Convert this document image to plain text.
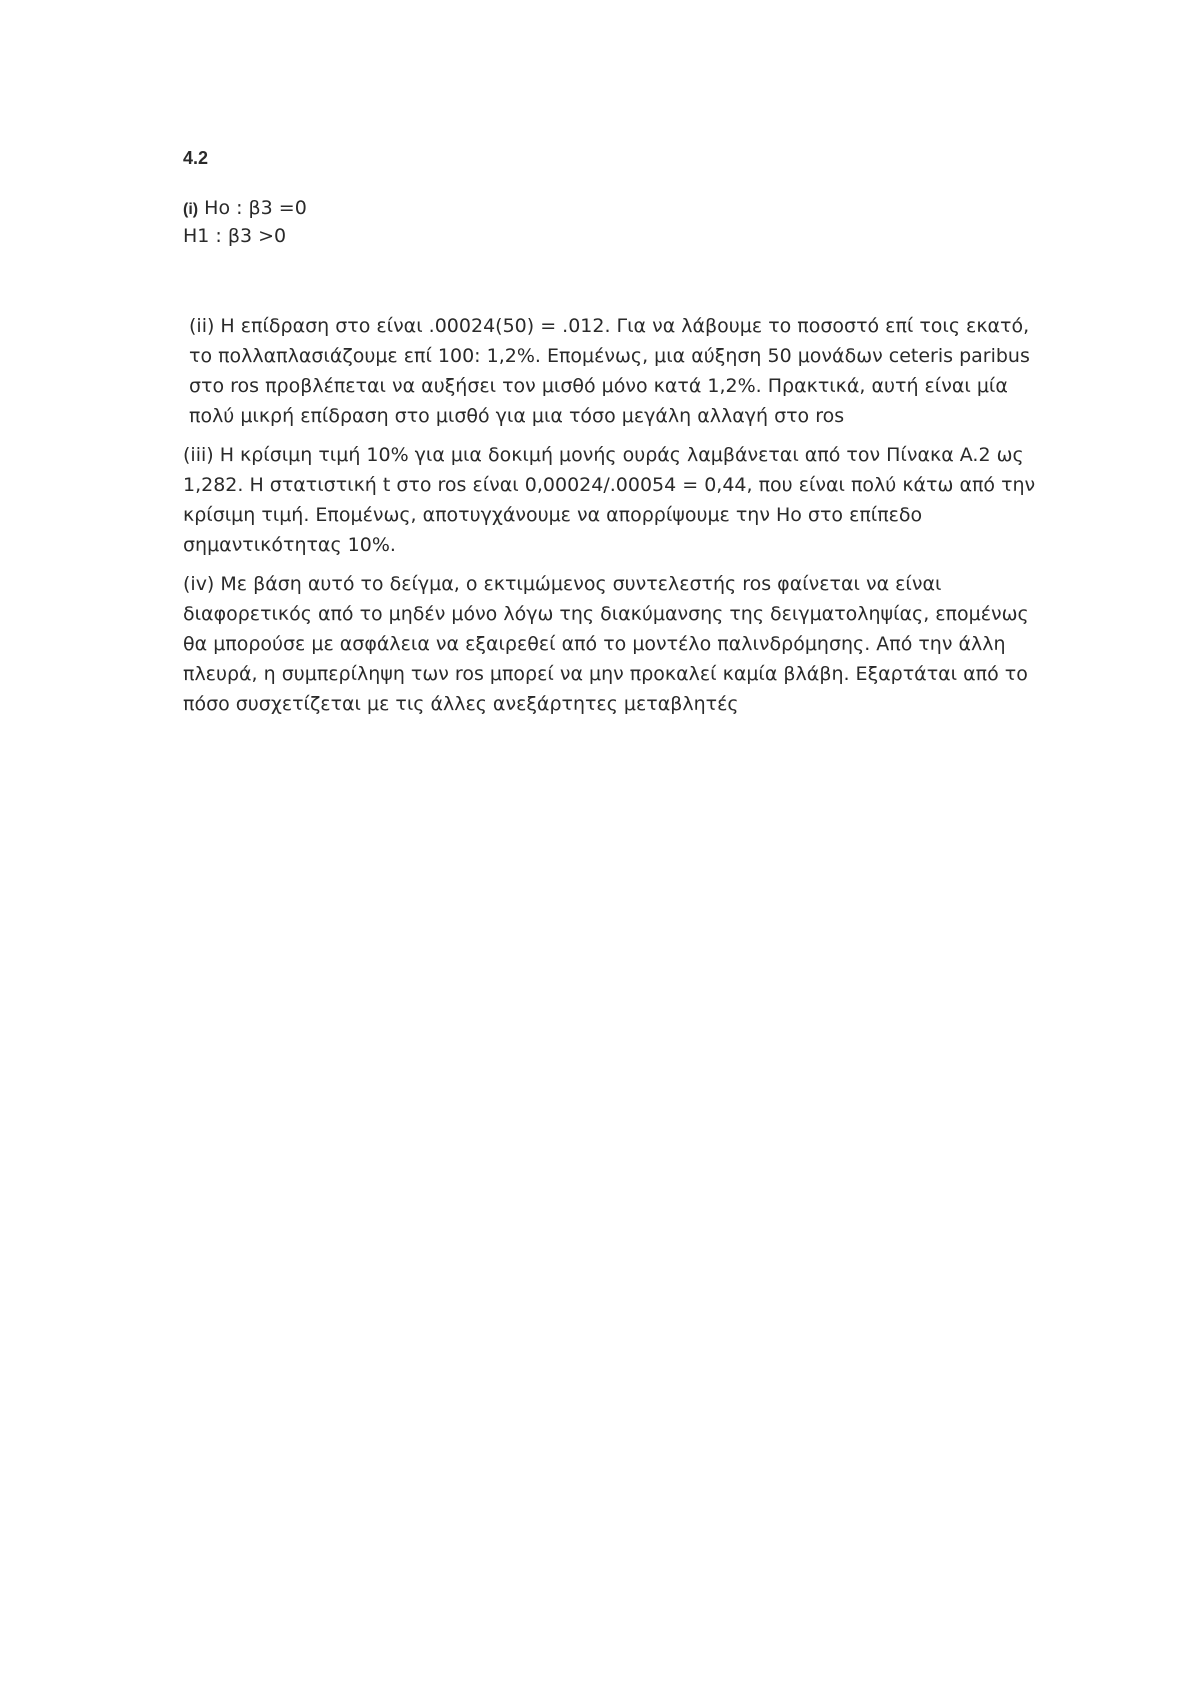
4.2

(i) Ho : β3 =0

H1 : β3 >0

(ii) Η επίδραση στο είναι .00024(50) = .012. Για να λάβουμε το ποσοστό επί τοις εκατό, το πολλαπλασιάζουμε επί 100: 1,2%. Επομένως, μια αύξηση 50 μονάδων ceteris paribus στο ros προβλέπεται να αυξήσει τον μισθό μόνο κατά 1,2%. Πρακτικά, αυτή είναι μία πολύ μικρή επίδραση στο μισθό για μια τόσο μεγάλη αλλαγή στο ros

(iii) Η κρίσιμη τιμή 10% για μια δοκιμή μονής ουράς λαμβάνεται από τον Πίνακα A.2 ως 1,282. Η στατιστική t στο ros είναι 0,00024/.00054 = 0,44, που είναι πολύ κάτω από την κρίσιμη τιμή. Επομένως, αποτυγχάνουμε να απορρίψουμε την Ho στο επίπεδο σημαντικότητας 10%.

(iv) Με βάση αυτό το δείγμα, ο εκτιμώμενος συντελεστής ros φαίνεται να είναι διαφορετικός από το μηδέν μόνο λόγω της διακύμανσης της δειγματοληψίας, επομένως θα μπορούσε με ασφάλεια να εξαιρεθεί από το μοντέλο παλινδρόμησης. Από την άλλη πλευρά, η συμπερίληψη των ros μπορεί να μην προκαλεί καμία βλάβη. Εξαρτάται από το πόσο συσχετίζεται με τις άλλες ανεξάρτητες μεταβλητές
